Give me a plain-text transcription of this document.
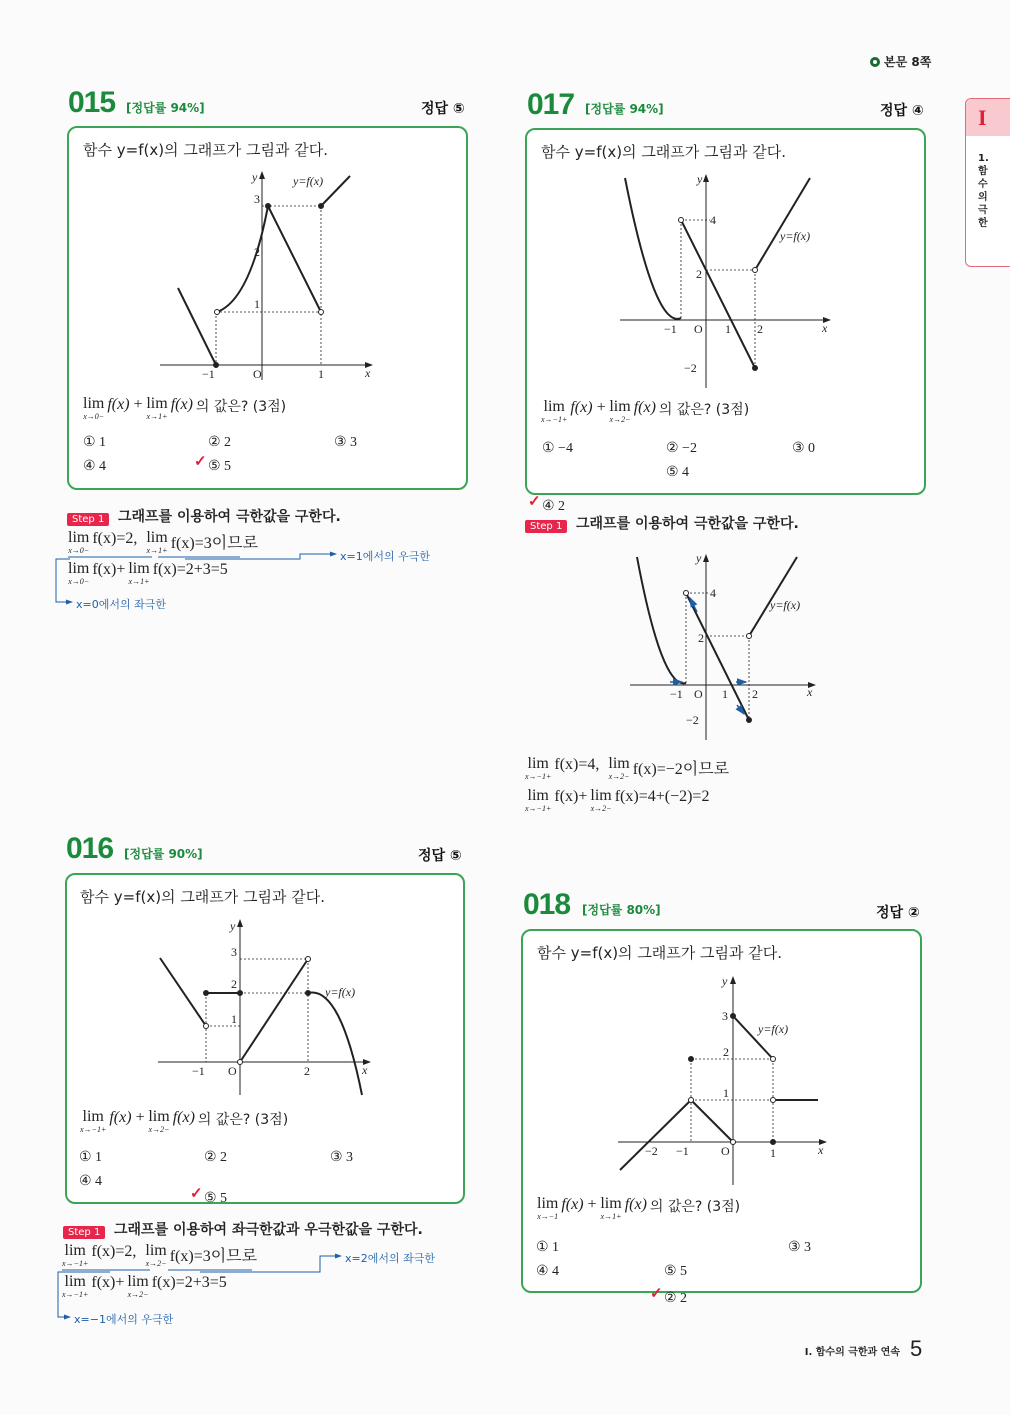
본문 8쪽
I
1. 함수의 극한
I. 함수의 극한과 연속 5
015 [정답률 94%]	정답 ⑤
함수 y=f(x)의 그래프가 그림과 같다.
lim
x→0−
f(x) + lim
x→1+
f(x) 의 값은? (3점)
① 1	② 2	③ 3
④ 4	⑤ 5
✓
Step 1 그래프를 이용하여 극한값을 구한다.
lim
x→0−
f(x)=2, lim
x→1+ f(x)=3이므로
lim
x→0−
f(x)+ lim
x→1+
f(x)=2+3=5
x=1에서의 우극한
x=0에서의 좌극한
016 [정답률 90%]	정답 ⑤
함수 y=f(x)의 그래프가 그림과 같다.
lim
x→−1+
f(x) + lim
x→2−
f(x) 의 값은? (3점)
① 1	② 2	③ 3
④ 4
⑤ 5
✓
Step 1 그래프를 이용하여 좌극한값과 우극한값을 구한다.
lim
x→−1+
f(x)=2, lim
x→2− f(x)=3이므로
lim
x→−1+
f(x)+ lim
x→2−
f(x)=2+3=5
x=2에서의 좌극한
x=−1에서의 우극한
017 [정답률 94%]	정답 ④
함수 y=f(x)의 그래프가 그림과 같다.
lim
x→−1+
f(x) + lim
x→2−
f(x) 의 값은? (3점)
① −4	② −2	③ 0
④ 2
✓
⑤ 4
Step 1 그래프를 이용하여 극한값을 구한다.
lim
x→−1+
f(x)=4, lim
x→2− f(x)=−2이므로
lim
x→−1+
f(x)+ lim
x→2−
f(x)=4+(−2)=2
018 [정답률 80%]	정답 ②
함수 y=f(x)의 그래프가 그림과 같다.
lim
x→−1
f(x) + lim
x→1+
f(x) 의 값은? (3점)
① 1
② 2
✓
③ 3
④ 4	⑤ 5
−1	1
1
2
3
O	x
y	y=f(x)
−1	1 2
4
2
−2
O	x
y
y=f(x)
−1	1 2
4
2
−2
O	x
y
y=f(x)
−1	2
1
2
3
O	x
y
y=f(x)
−2 −1	1
1
2
3
O	x
y
y=f(x)
